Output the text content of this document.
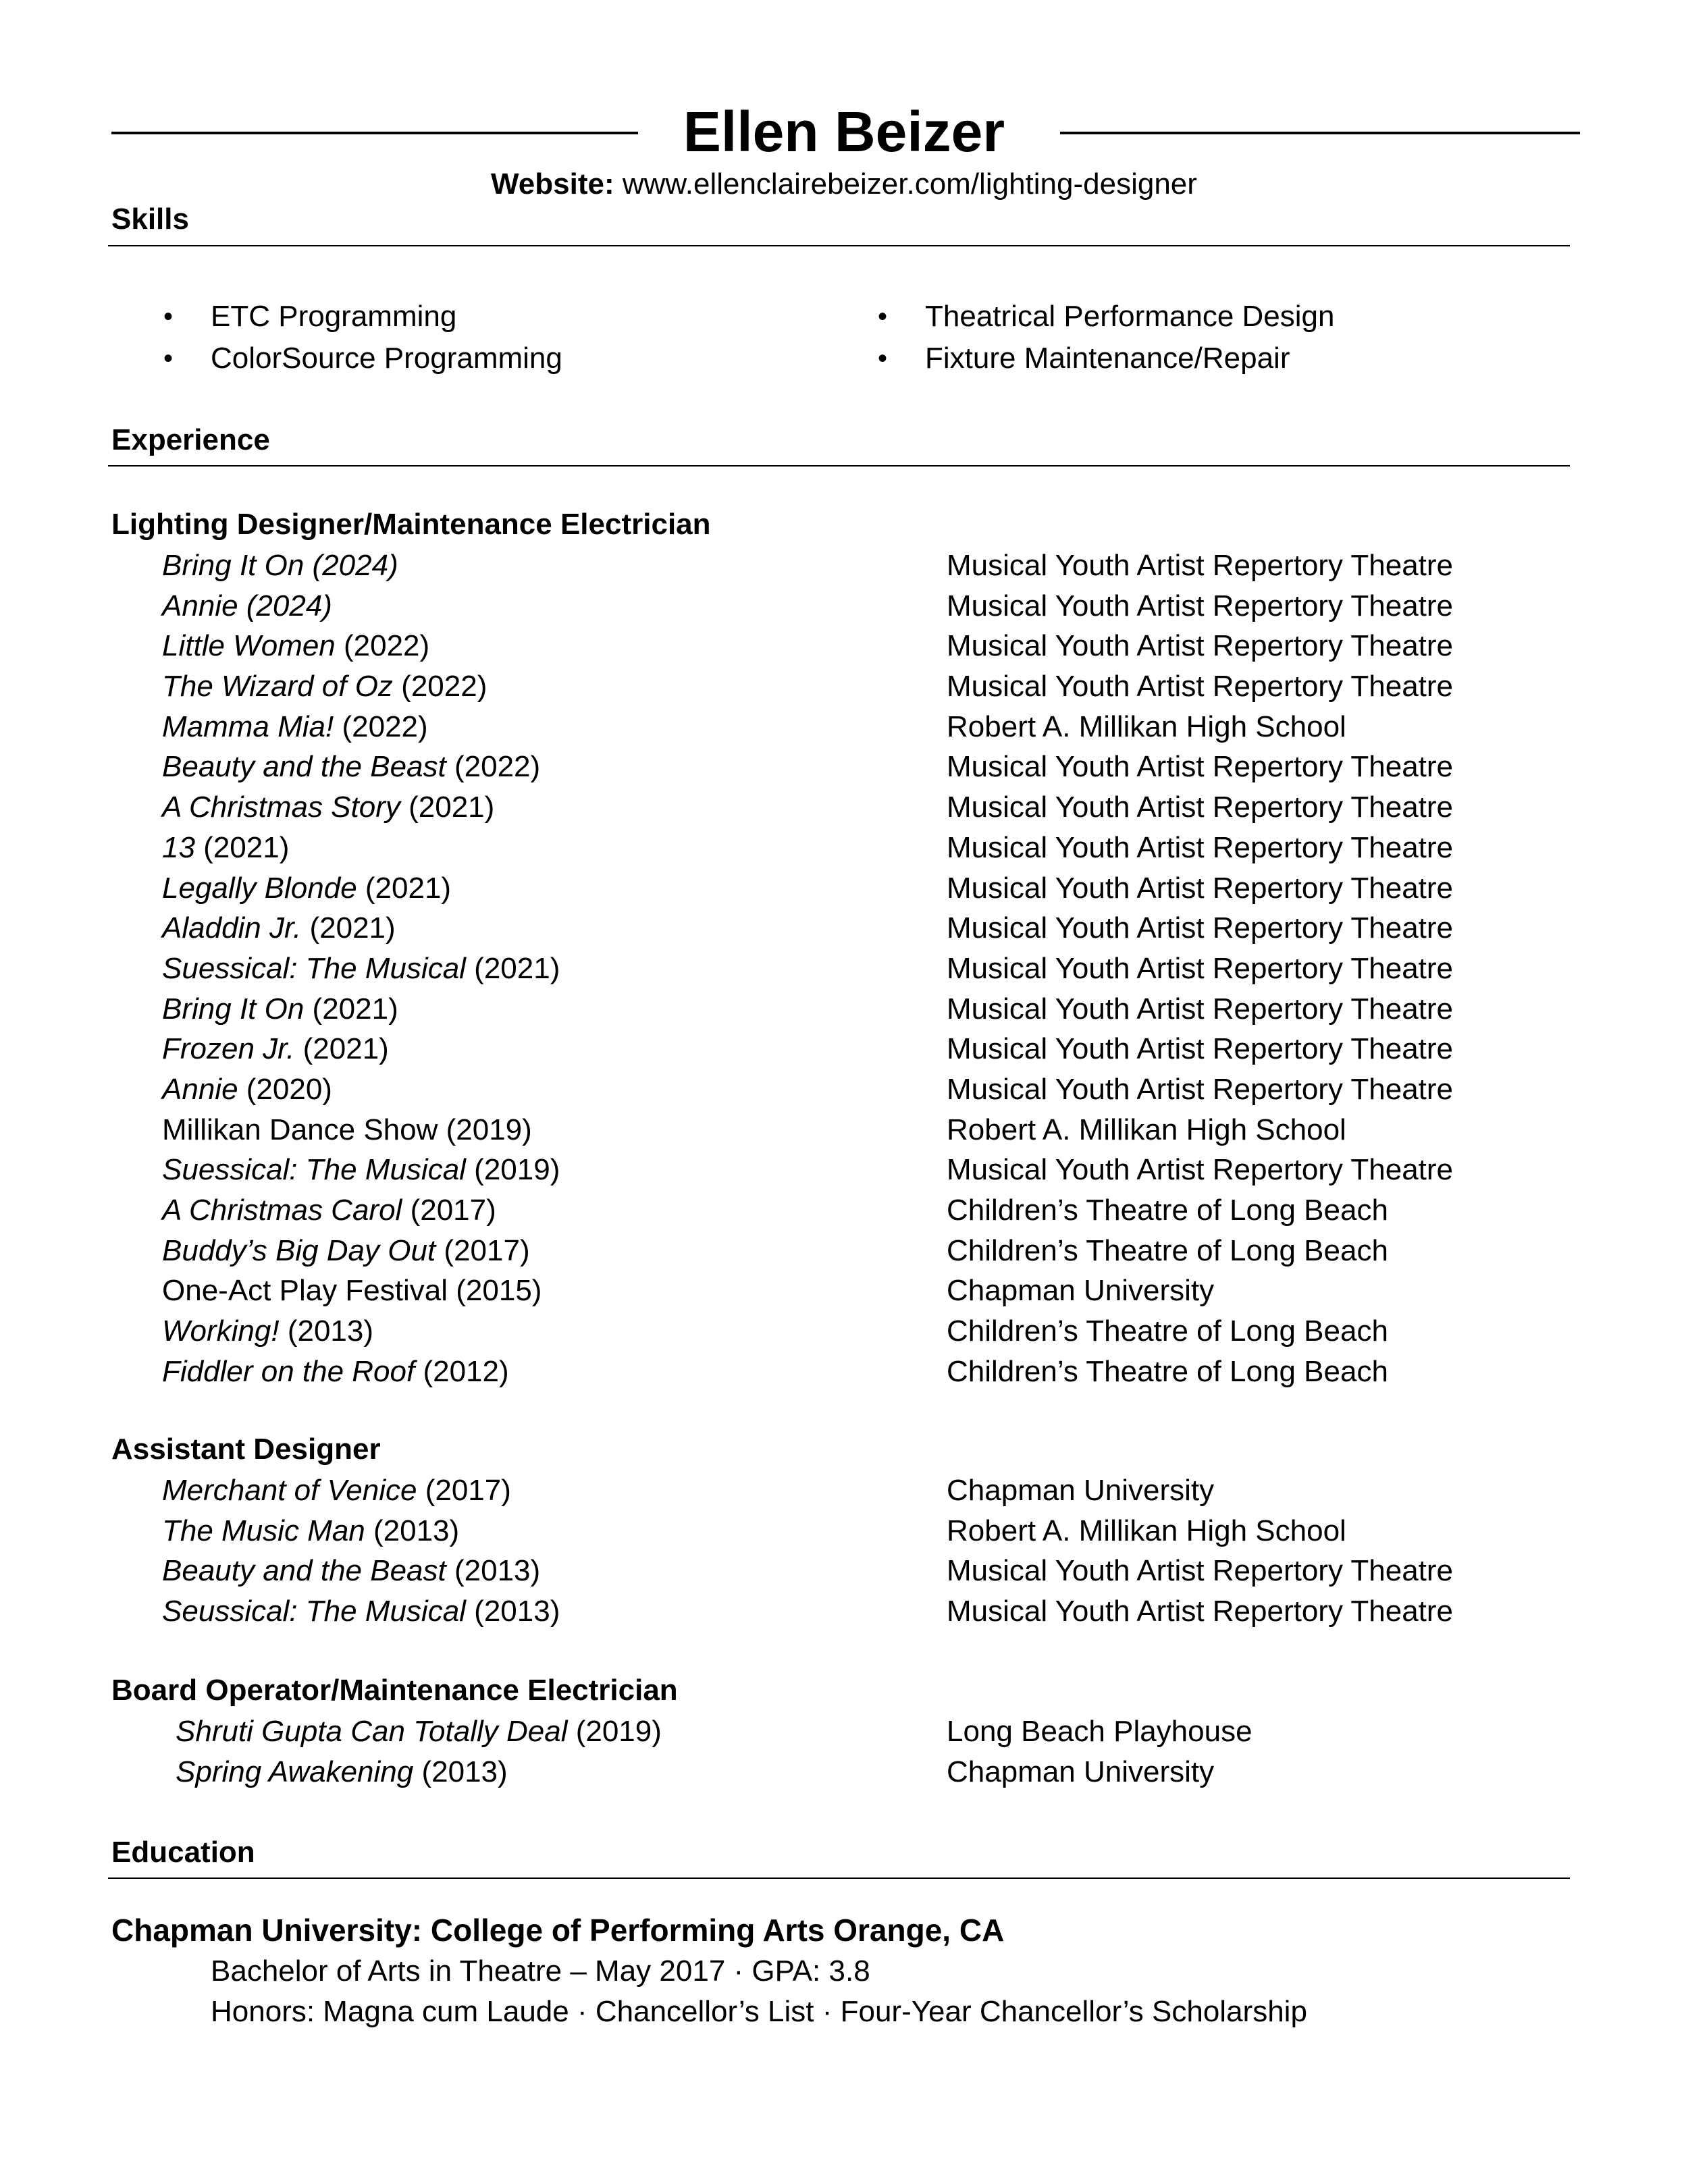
Ellen Beizer
Website: www.ellenclairebeizer.com/lighting-designer
Skills
• ETC Programming
• ColorSource Programming
• Theatrical Performance Design
• Fixture Maintenance/Repair
Experience
Lighting Designer/Maintenance Electrician
Bring It On (2024)	Musical Youth Artist Repertory Theatre
Annie (2024)	Musical Youth Artist Repertory Theatre
Little Women (2022)	Musical Youth Artist Repertory Theatre
The Wizard of Oz (2022)	Musical Youth Artist Repertory Theatre
Mamma Mia! (2022)	Robert A. Millikan High School
Beauty and the Beast (2022)	Musical Youth Artist Repertory Theatre
A Christmas Story (2021)	Musical Youth Artist Repertory Theatre
13 (2021)	Musical Youth Artist Repertory Theatre
Legally Blonde (2021)	Musical Youth Artist Repertory Theatre
Aladdin Jr. (2021)	Musical Youth Artist Repertory Theatre
Suessical: The Musical (2021)	Musical Youth Artist Repertory Theatre
Bring It On (2021)	Musical Youth Artist Repertory Theatre
Frozen Jr. (2021)	Musical Youth Artist Repertory Theatre
Annie (2020)	Musical Youth Artist Repertory Theatre
Millikan Dance Show (2019)	Robert A. Millikan High School
Suessical: The Musical (2019)	Musical Youth Artist Repertory Theatre
A Christmas Carol (2017)	Children’s Theatre of Long Beach
Buddy’s Big Day Out (2017)	Children’s Theatre of Long Beach
One-Act Play Festival (2015)	Chapman University
Working! (2013)	Children’s Theatre of Long Beach
Fiddler on the Roof (2012)	Children’s Theatre of Long Beach
Assistant Designer
Merchant of Venice (2017)	Chapman University
The Music Man (2013)	Robert A. Millikan High School
Beauty and the Beast (2013)	Musical Youth Artist Repertory Theatre
Seussical: The Musical (2013)	Musical Youth Artist Repertory Theatre
Board Operator/Maintenance Electrician
Shruti Gupta Can Totally Deal (2019)	Long Beach Playhouse
Spring Awakening (2013)	Chapman University
Education
Chapman University: College of Performing Arts Orange, CA
Bachelor of Arts in Theatre – May 2017 · GPA: 3.8
Honors: Magna cum Laude · Chancellor’s List · Four-Year Chancellor’s Scholarship
